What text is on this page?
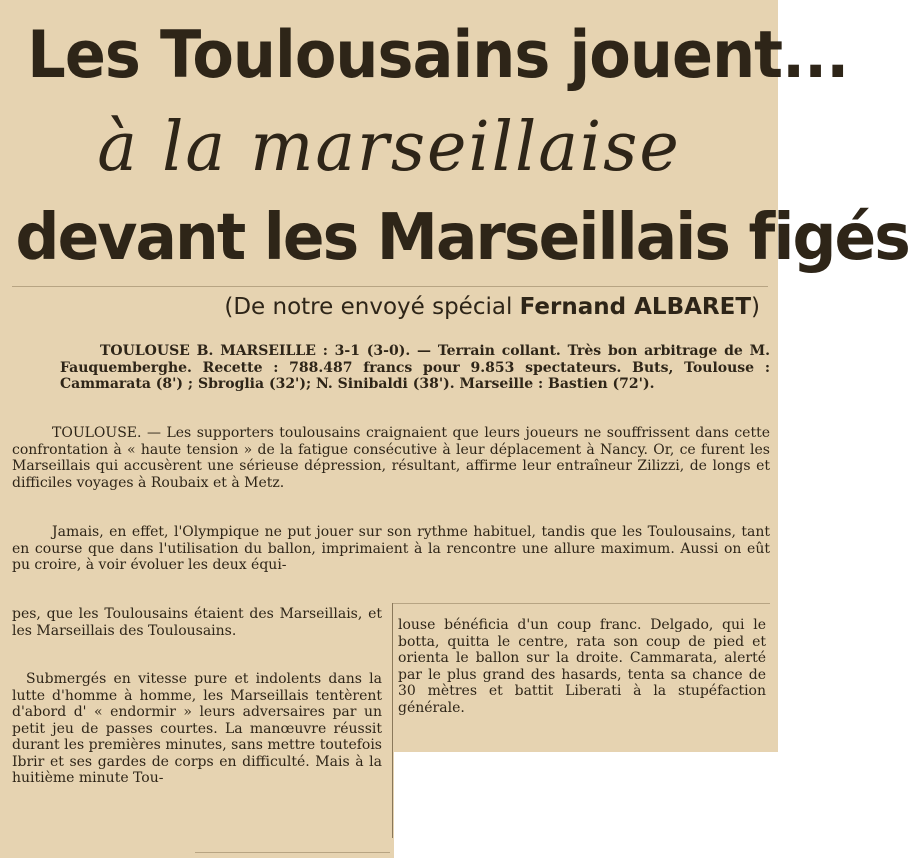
Les Toulousains jouent...
à la marseillaise
devant les Marseillais figés
(De notre envoyé spécial Fernand ALBARET)

TOULOUSE B. MARSEILLE : 3-1 (3-0). — Terrain collant. Très bon arbitrage de M. Fauquemberghe. Recette : 788.487 francs pour 9.853 spectateurs. Buts, Toulouse : Cammarata (8') ; Sbroglia (32'); N. Sinibaldi (38'). Marseille : Bastien (72').

TOULOUSE. — Les supporters toulousains craignaient que leurs joueurs ne souffrissent dans cette confrontation à « haute tension » de la fatigue consécutive à leur déplacement à Nancy. Or, ce furent les Marseillais qui accusèrent une sérieuse dépression, résultant, affirme leur entraîneur Zilizzi, de longs et difficiles voyages à Roubaix et à Metz.

Jamais, en effet, l'Olympique ne put jouer sur son rythme habituel, tandis que les Toulousains, tant en course que dans l'utilisation du ballon, imprimaient à la rencontre une allure maximum. Aussi on eût pu croire, à voir évoluer les deux équi-

pes, que les Toulousains étaient des Marseillais, et les Marseillais des Toulousains.

Submergés en vitesse pure et indolents dans la lutte d'homme à homme, les Marseillais tentèrent d'abord d' « endormir » leurs adversaires par un petit jeu de passes courtes. La manœuvre réussit durant les premières minutes, sans mettre toutefois Ibrir et ses gardes de corps en difficulté. Mais à la huitième minute Tou-

louse bénéficia d'un coup franc. Delgado, qui le botta, quitta le centre, rata son coup de pied et orienta le ballon sur la droite. Cammarata, alerté par le plus grand des hasards, tenta sa chance de 30 mètres et battit Liberati à la stupéfaction générale.
